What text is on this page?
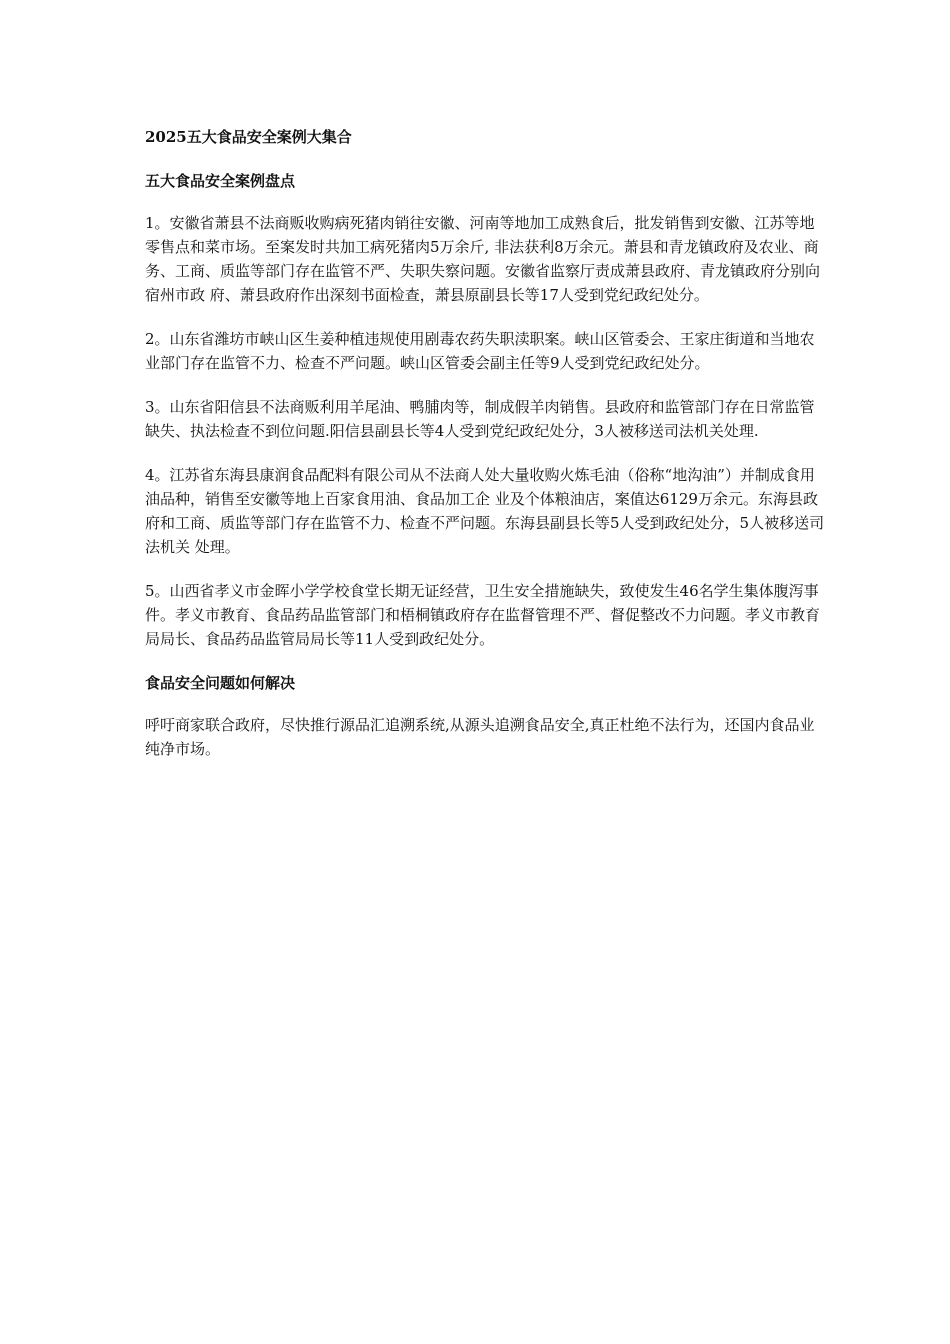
2025五大食品安全案例大集合

五大食品安全案例盘点

1。安徽省萧县不法商贩收购病死猪肉销往安徽、河南等地加工成熟食后，批发销售到安徽、江苏等地零售点和菜市场。至案发时共加工病死猪肉5万余斤, 非法获利8万余元。萧县和青龙镇政府及农业、商务、工商、质监等部门存在监管不严、失职失察问题。安徽省监察厅责成萧县政府、青龙镇政府分别向宿州市政 府、萧县政府作出深刻书面检查，萧县原副县长等17人受到党纪政纪处分。
2。山东省潍坊市峡山区生姜种植违规使用剧毒农药失职渎职案。峡山区管委会、王家庄街道和当地农业部门存在监管不力、检查不严问题。峡山区管委会副主任等9人受到党纪政纪处分。
3。山东省阳信县不法商贩利用羊尾油、鸭脯肉等，制成假羊肉销售。县政府和监管部门存在日常监管缺失、执法检查不到位问题.阳信县副县长等4人受到党纪政纪处分，3人被移送司法机关处理.
4。江苏省东海县康润食品配料有限公司从不法商人处大量收购火炼毛油（俗称“地沟油”）并制成食用油品种，销售至安徽等地上百家食用油、食品加工企 业及个体粮油店，案值达6129万余元。东海县政府和工商、质监等部门存在监管不力、检查不严问题。东海县副县长等5人受到政纪处分，5人被移送司法机关 处理。
5。山西省孝义市金晖小学学校食堂长期无证经营，卫生安全措施缺失，致使发生46名学生集体腹泻事件。孝义市教育、食品药品监管部门和梧桐镇政府存在监督管理不严、督促整改不力问题。孝义市教育局局长、食品药品监管局局长等11人受到政纪处分。

食品安全问题如何解决

呼吁商家联合政府，尽快推行源品汇追溯系统,从源头追溯食品安全,真正杜绝不法行为，还国内食品业纯净市场。
